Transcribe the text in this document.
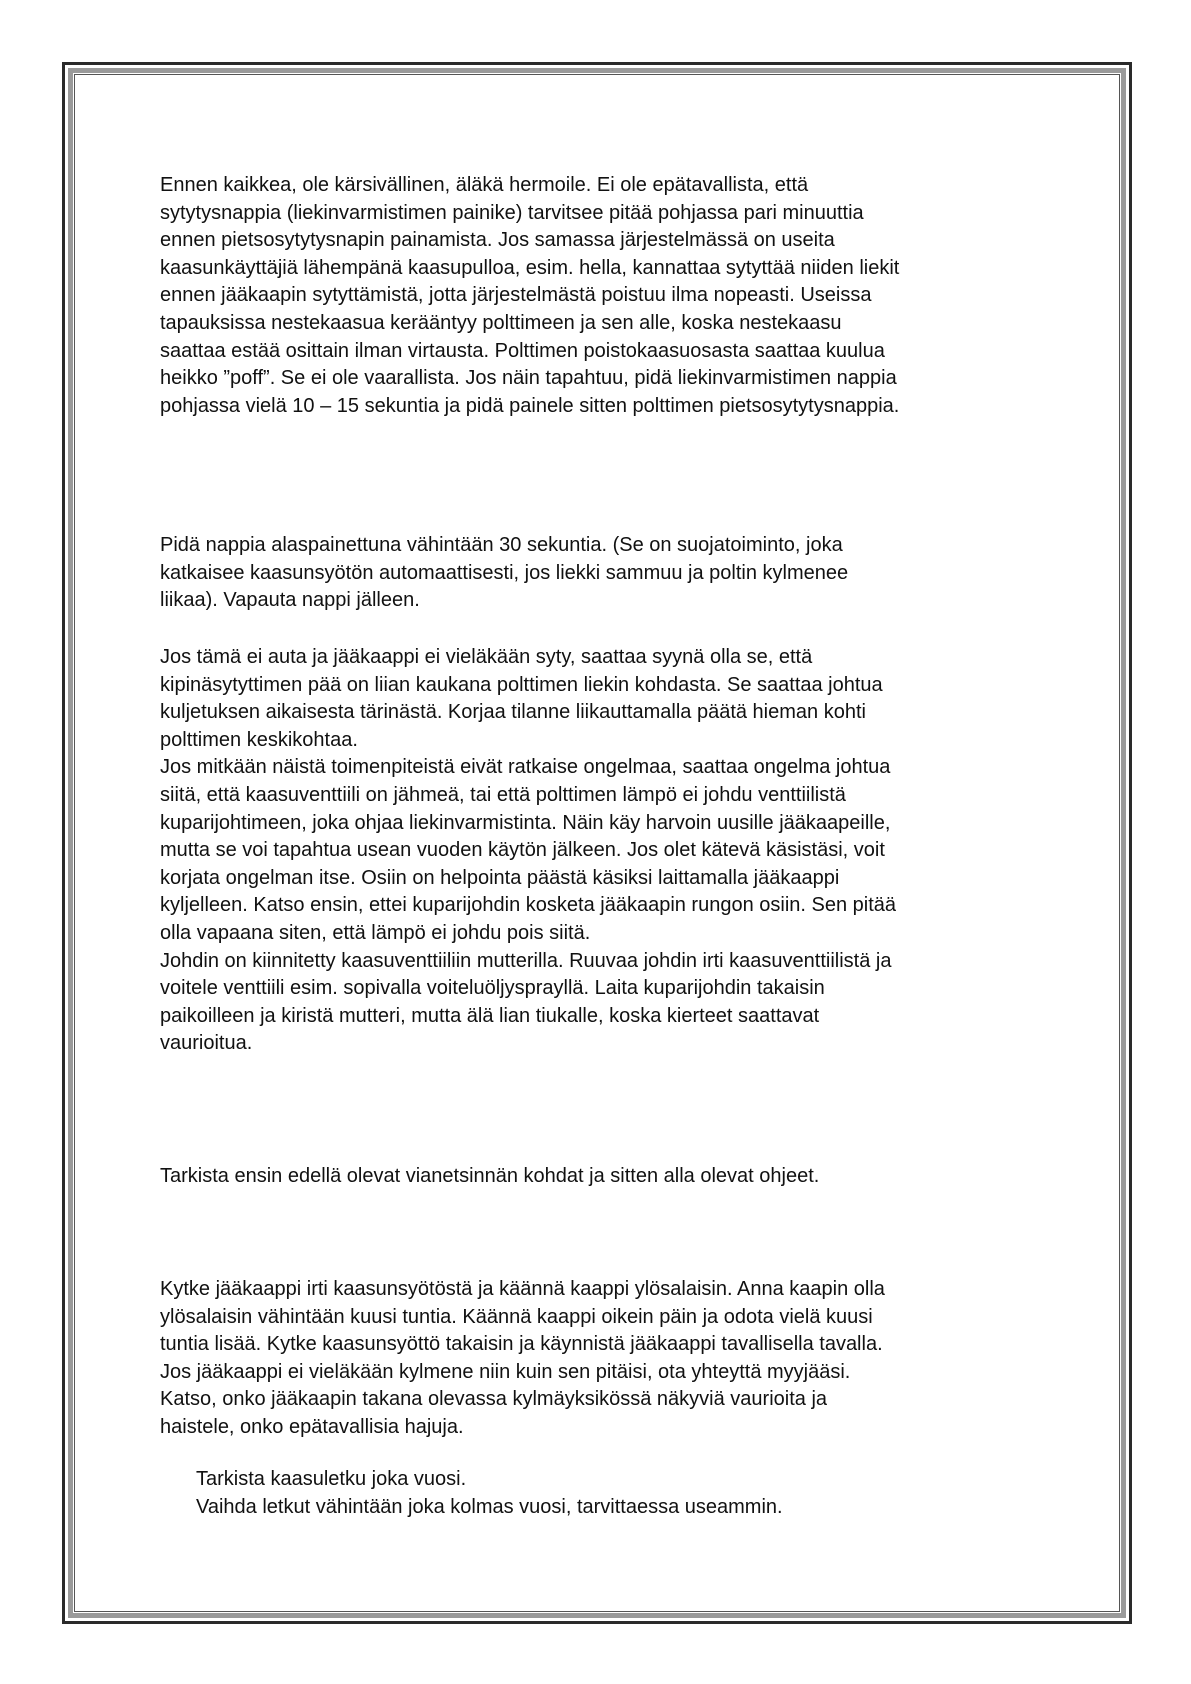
Ennen kaikkea, ole kärsivällinen, äläkä hermoile. Ei ole epätavallista, että
sytytysnappia (liekinvarmistimen painike) tarvitsee pitää pohjassa pari minuuttia
ennen pietsosytytysnapin painamista. Jos samassa järjestelmässä on useita
kaasunkäyttäjiä lähempänä kaasupulloa, esim. hella, kannattaa sytyttää niiden liekit
ennen jääkaapin sytyttämistä, jotta järjestelmästä poistuu ilma nopeasti. Useissa
tapauksissa nestekaasua kerääntyy polttimeen ja sen alle, koska nestekaasu
saattaa estää osittain ilman virtausta. Polttimen poistokaasuosasta saattaa kuulua
heikko ”poff”. Se ei ole vaarallista. Jos näin tapahtuu, pidä liekinvarmistimen nappia
pohjassa vielä 10 – 15 sekuntia ja pidä painele sitten polttimen pietsosytytysnappia.

Pidä nappia alaspainettuna vähintään 30 sekuntia. (Se on suojatoiminto, joka
katkaisee kaasunsyötön automaattisesti, jos liekki sammuu ja poltin kylmenee
liikaa). Vapauta nappi jälleen.

Jos tämä ei auta ja jääkaappi ei vieläkään syty, saattaa syynä olla se, että
kipinäsytyttimen pää on liian kaukana polttimen liekin kohdasta. Se saattaa johtua
kuljetuksen aikaisesta tärinästä. Korjaa tilanne liikauttamalla päätä hieman kohti
polttimen keskikohtaa.
Jos mitkään näistä toimenpiteistä eivät ratkaise ongelmaa, saattaa ongelma johtua
siitä, että kaasuventtiili on jähmeä, tai että polttimen lämpö ei johdu venttiilistä
kuparijohtimeen, joka ohjaa liekinvarmistinta. Näin käy harvoin uusille jääkaapeille,
mutta se voi tapahtua usean vuoden käytön jälkeen. Jos olet kätevä käsistäsi, voit
korjata ongelman itse. Osiin on helpointa päästä käsiksi laittamalla jääkaappi
kyljelleen. Katso ensin, ettei kuparijohdin kosketa jääkaapin rungon osiin. Sen pitää
olla vapaana siten, että lämpö ei johdu pois siitä.
Johdin on kiinnitetty kaasuventtiiliin mutterilla. Ruuvaa johdin irti kaasuventtiilistä ja
voitele venttiili esim. sopivalla voiteluöljysprayllä. Laita kuparijohdin takaisin
paikoilleen ja kiristä mutteri, mutta älä lian tiukalle, koska kierteet saattavat
vaurioitua.

Tarkista ensin edellä olevat vianetsinnän kohdat ja sitten alla olevat ohjeet.

Kytke jääkaappi irti kaasunsyötöstä ja käännä kaappi ylösalaisin. Anna kaapin olla
ylösalaisin vähintään kuusi tuntia. Käännä kaappi oikein päin ja odota vielä kuusi
tuntia lisää. Kytke kaasunsyöttö takaisin ja käynnistä jääkaappi tavallisella tavalla.
Jos jääkaappi ei vieläkään kylmene niin kuin sen pitäisi, ota yhteyttä myyjääsi.
Katso, onko jääkaapin takana olevassa kylmäyksikössä näkyviä vaurioita ja
haistele, onko epätavallisia hajuja.

Tarkista kaasuletku joka vuosi.
Vaihda letkut vähintään joka kolmas vuosi, tarvittaessa useammin.
